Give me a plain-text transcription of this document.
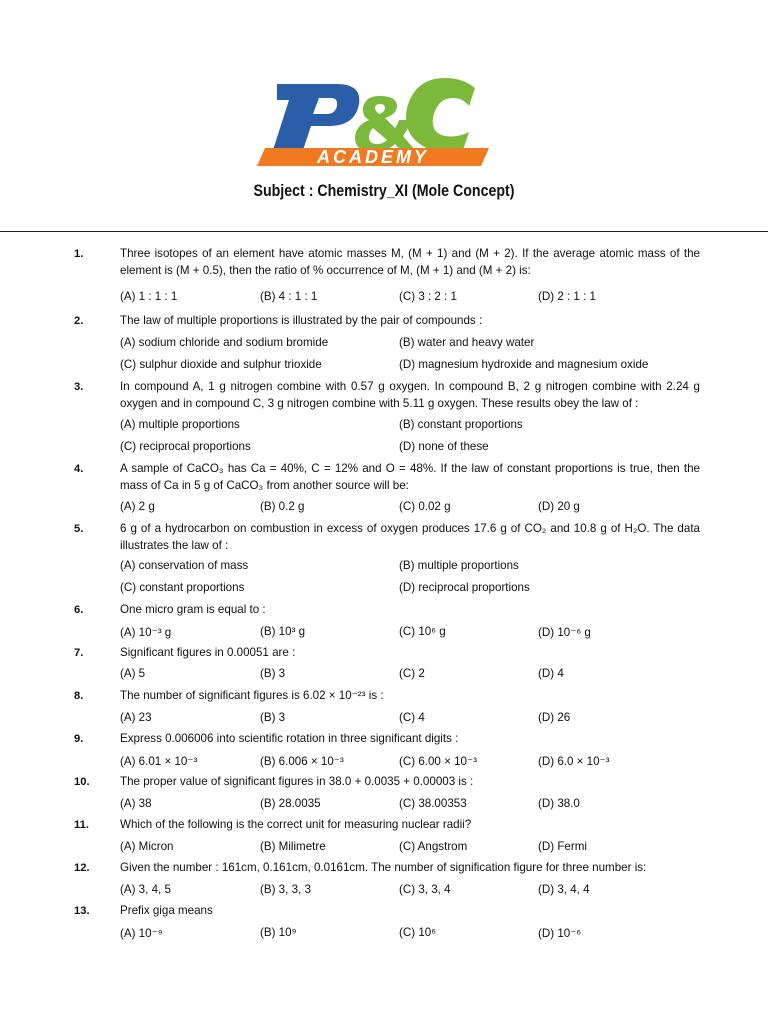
ACADEMY
Subject : Chemistry_XI (Mole Concept)
1.	Three isotopes of an element have atomic masses M, (M + 1) and (M + 2). If the average atomic mass of the element is (M + 0.5), then the ratio of % occurrence of M, (M + 1) and (M + 2) is:
(A) 1 : 1 : 1	(B) 4 : 1 : 1	(C) 3 : 2 : 1	(D) 2 : 1 : 1
2.	The law of multiple proportions is illustrated by the pair of compounds :
(A) sodium chloride and sodium bromide	(B) water and heavy water
(C) sulphur dioxide and sulphur trioxide	(D) magnesium hydroxide and magnesium oxide
3.	In compound A, 1 g nitrogen combine with 0.57 g oxygen. In compound B, 2 g nitrogen combine with 2.24 g oxygen and in compound C, 3 g nitrogen combine with 5.11 g oxygen. These results obey the law of :
(A) multiple proportions	(B) constant proportions
(C) reciprocal proportions	(D) none of these
4.	A sample of CaCO₃ has Ca = 40%, C = 12% and O = 48%. If the law of constant proportions is true, then the mass of Ca in 5 g of CaCO₃ from another source will be:
(A) 2 g	(B) 0.2 g	(C) 0.02 g	(D) 20 g
5.	6 g of a hydrocarbon on combustion in excess of oxygen produces 17.6 g of CO₂ and 10.8 g of H₂O. The data illustrates the law of :
(A) conservation of mass	(B) multiple proportions
(C) constant proportions	(D) reciprocal proportions
6.	One micro gram is equal to :
(A) 10⁻³ g	(B) 10³ g	(C) 10⁶ g	(D) 10⁻⁶ g
7.	Significant figures in 0.00051 are :
(A) 5	(B) 3	(C) 2	(D) 4
8.	The number of significant figures is 6.02 × 10⁻²³ is :
(A) 23	(B) 3	(C) 4	(D) 26
9.	Express 0.006006 into scientific rotation in three significant digits :
(A) 6.01 × 10⁻³	(B) 6.006 × 10⁻³	(C) 6.00 × 10⁻³	(D) 6.0 × 10⁻³
10.	The proper value of significant figures in 38.0 + 0.0035 + 0.00003 is :
(A) 38	(B) 28.0035	(C) 38.00353	(D) 38.0
11.	Which of the following is the correct unit for measuring nuclear radii?
(A) Micron	(B) Milimetre	(C) Angstrom	(D) Fermi
12.	Given the number : 161cm, 0.161cm, 0.0161cm. The number of signification figure for three number is:
(A) 3, 4, 5	(B) 3, 3, 3	(C) 3, 3, 4	(D) 3, 4, 4
13.	Prefix giga means
(A) 10⁻⁹	(B) 10⁹	(C) 10⁶	(D) 10⁻⁶
